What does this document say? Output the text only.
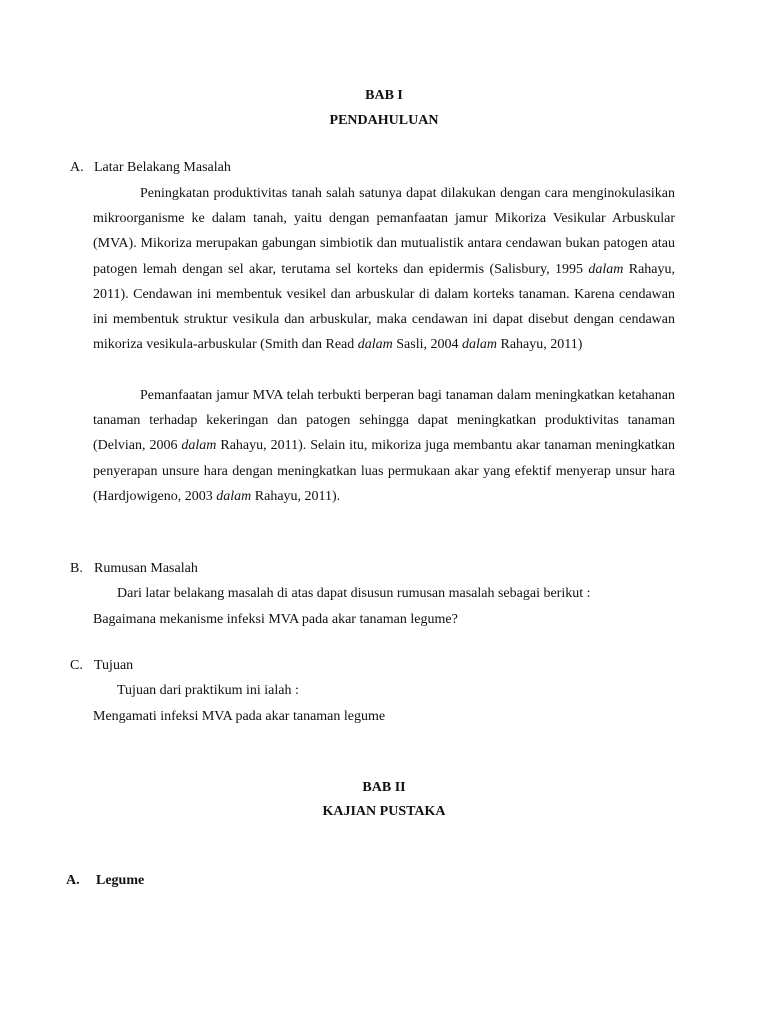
BAB I
PENDAHULUAN
A. Latar Belakang Masalah

Peningkatan produktivitas tanah salah satunya dapat dilakukan dengan cara menginokulasikan mikroorganisme ke dalam tanah, yaitu dengan pemanfaatan jamur Mikoriza Vesikular Arbuskular (MVA). Mikoriza merupakan gabungan simbiotik dan mutualistik antara cendawan bukan patogen atau patogen lemah dengan sel akar, terutama sel korteks dan epidermis (Salisbury, 1995 dalam Rahayu, 2011). Cendawan ini membentuk vesikel dan arbuskular di dalam korteks tanaman. Karena cendawan ini membentuk struktur vesikula dan arbuskular, maka cendawan ini dapat disebut dengan cendawan mikoriza vesikula-arbuskular (Smith dan Read dalam Sasli, 2004 dalam Rahayu, 2011)

Pemanfaatan jamur MVA telah terbukti berperan bagi tanaman dalam meningkatkan ketahanan tanaman terhadap kekeringan dan patogen sehingga dapat meningkatkan produktivitas tanaman (Delvian, 2006 dalam Rahayu, 2011). Selain itu, mikoriza juga membantu akar tanaman meningkatkan penyerapan unsure hara dengan meningkatkan luas permukaan akar yang efektif menyerap unsur hara (Hardjowigeno, 2003 dalam Rahayu, 2011).

B. Rumusan Masalah
Dari latar belakang masalah di atas dapat disusun rumusan masalah sebagai berikut :
Bagaimana mekanisme infeksi MVA pada akar tanaman legume?
C. Tujuan
Tujuan dari praktikum ini ialah :
Mengamati infeksi MVA pada akar tanaman legume
BAB II
KAJIAN PUSTAKA
A. Legume
